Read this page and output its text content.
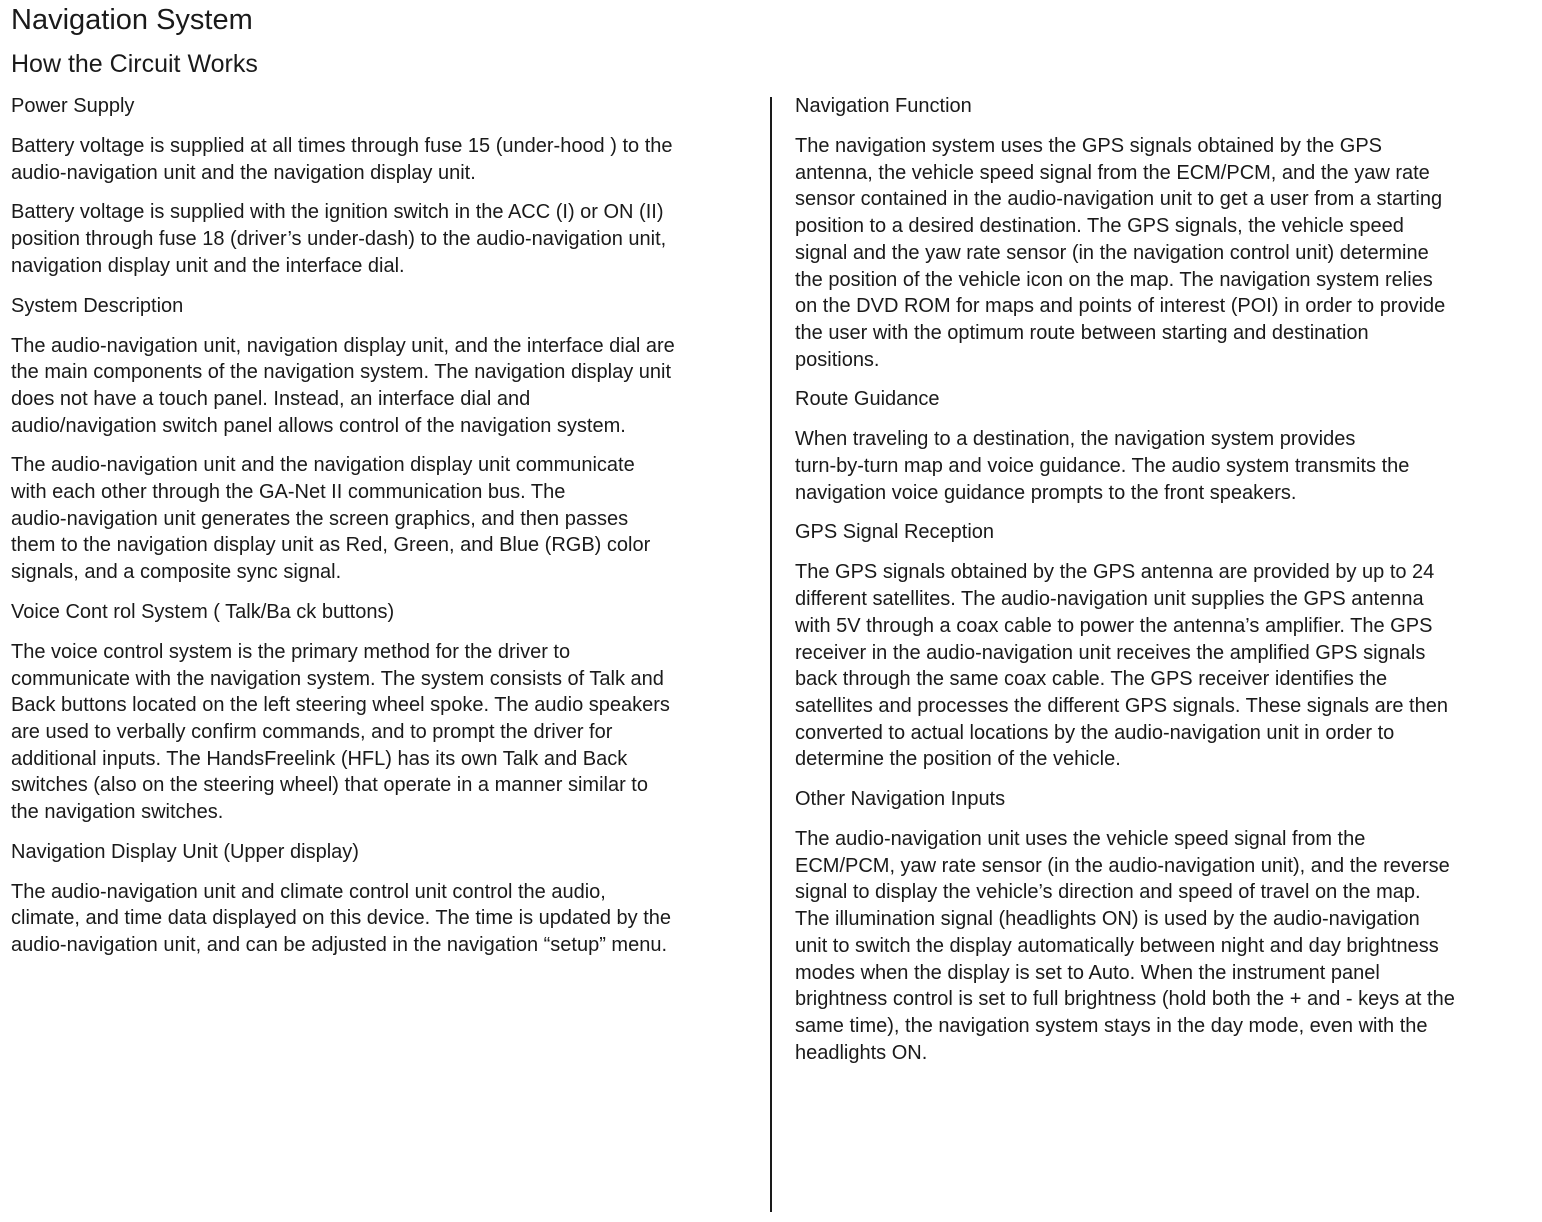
Navigation System
How the Circuit Works
Power Supply

Battery voltage is supplied at all times through fuse 15 (under-hood ) to the
audio-navigation unit and the navigation display unit.

Battery voltage is supplied with the ignition switch in the ACC (I) or ON (II)
position through fuse 18 (driver’s under-dash) to the audio-navigation unit,
navigation display unit and the interface dial.

System Description

The audio-navigation unit, navigation display unit, and the interface dial are
the main components of the navigation system. The navigation display unit
does not have a touch panel. Instead, an interface dial and
audio/navigation switch panel allows control of the navigation system.

The audio-navigation unit and the navigation display unit communicate
with each other through the GA-Net II communication bus. The
audio-navigation unit generates the screen graphics, and then passes
them to the navigation display unit as Red, Green, and Blue (RGB) color
signals, and a composite sync signal.

Voice Cont rol System ( Talk/Ba ck buttons)

The voice control system is the primary method for the driver to
communicate with the navigation system. The system consists of Talk and
Back buttons located on the left steering wheel spoke. The audio speakers
are used to verbally confirm commands, and to prompt the driver for
additional inputs. The HandsFreelink (HFL) has its own Talk and Back
switches (also on the steering wheel) that operate in a manner similar to
the navigation switches.

Navigation Display Unit (Upper display)

The audio-navigation unit and climate control unit control the audio,
climate, and time data displayed on this device. The time is updated by the
audio-navigation unit, and can be adjusted in the navigation “setup” menu.

Navigation Function

The navigation system uses the GPS signals obtained by the GPS
antenna, the vehicle speed signal from the ECM/PCM, and the yaw rate
sensor contained in the audio-navigation unit to get a user from a starting
position to a desired destination. The GPS signals, the vehicle speed
signal and the yaw rate sensor (in the navigation control unit) determine
the position of the vehicle icon on the map. The navigation system relies
on the DVD ROM for maps and points of interest (POI) in order to provide
the user with the optimum route between starting and destination
positions.

Route Guidance

When traveling to a destination, the navigation system provides
turn-by-turn map and voice guidance. The audio system transmits the
navigation voice guidance prompts to the front speakers.

GPS Signal Reception

The GPS signals obtained by the GPS antenna are provided by up to 24
different satellites. The audio-navigation unit supplies the GPS antenna
with 5V through a coax cable to power the antenna’s amplifier. The GPS
receiver in the audio-navigation unit receives the amplified GPS signals
back through the same coax cable. The GPS receiver identifies the
satellites and processes the different GPS signals. These signals are then
converted to actual locations by the audio-navigation unit in order to
determine the position of the vehicle.

Other Navigation Inputs

The audio-navigation unit uses the vehicle speed signal from the
ECM/PCM, yaw rate sensor (in the audio-navigation unit), and the reverse
signal to display the vehicle’s direction and speed of travel on the map.
The illumination signal (headlights ON) is used by the audio-navigation
unit to switch the display automatically between night and day brightness
modes when the display is set to Auto. When the instrument panel
brightness control is set to full brightness (hold both the + and - keys at the
same time), the navigation system stays in the day mode, even with the
headlights ON.
